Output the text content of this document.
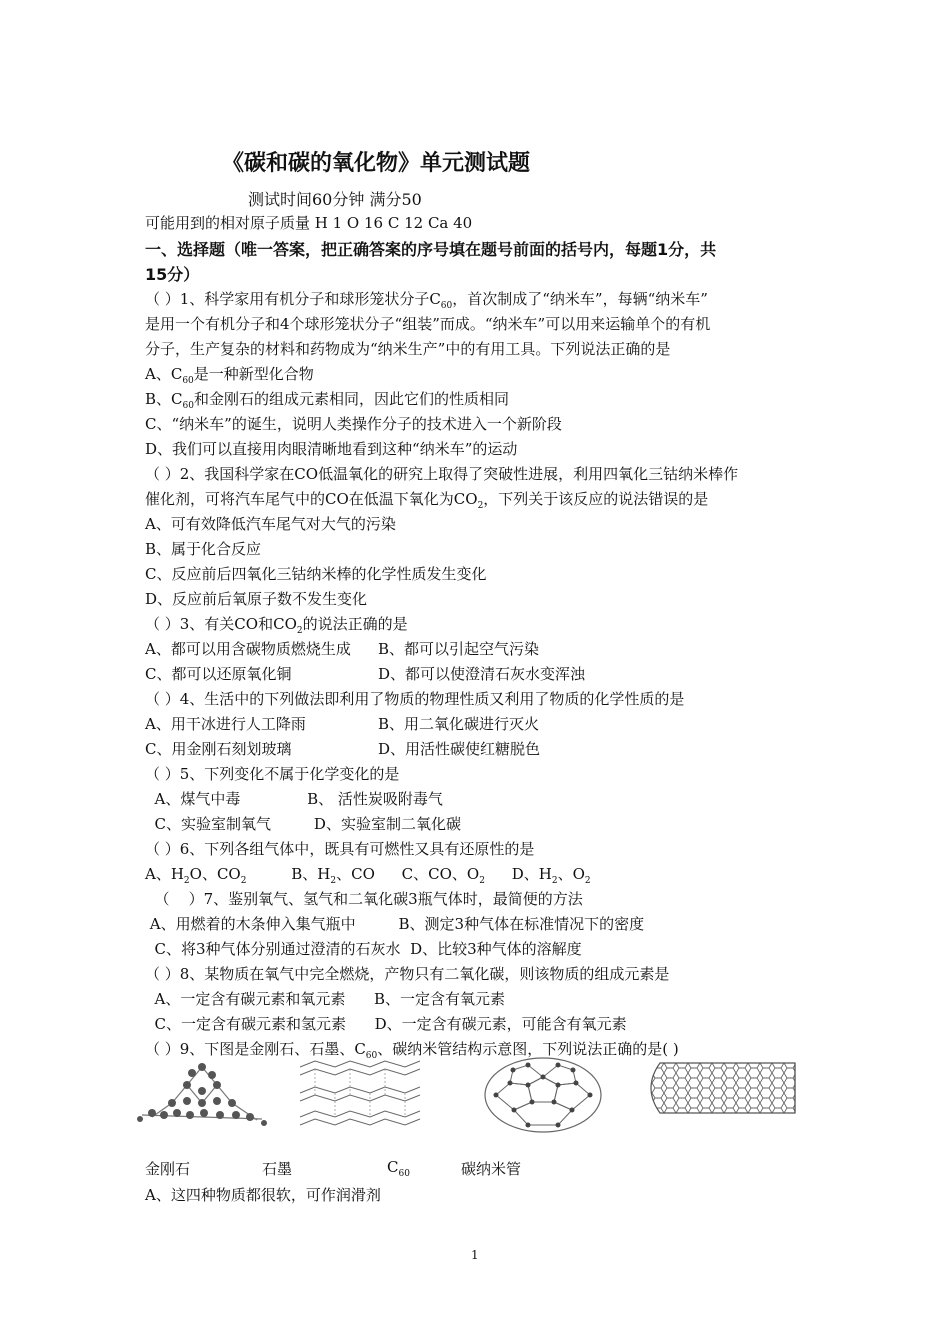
《碳和碳的氧化物》单元测试题
测试时间60分钟 满分50
可能用到的相对原子质量 H 1 O 16 C 12 Ca 40
一、选择题（唯一答案，把正确答案的序号填在题号前面的括号内，每题1分，共
15分）
（ ）1、科学家用有机分子和球形笼状分子$C_{60}$，首次制成了“纳米车”，每辆“纳米车”
是用一个有机分子和4个球形笼状分子“组装”而成。“纳米车”可以用来运输单个的有机
分子，生产复杂的材料和药物成为“纳米生产”中的有用工具。下列说法正确的是
A、$C_{60}$是一种新型化合物
B、$C_{60}$和金刚石的组成元素相同，因此它们的性质相同
C、“纳米车”的诞生，说明人类操作分子的技术进入一个新阶段
D、我们可以直接用肉眼清晰地看到这种“纳米车”的运动
（ ）2、我国科学家在CO低温氧化的研究上取得了突破性进展，利用四氧化三钴纳米棒作
催化剂，可将汽车尾气中的CO在低温下氧化为$CO_2$，下列关于该反应的说法错误的是
A、可有效降低汽车尾气对大气的污染
B、属于化合反应
C、反应前后四氧化三钴纳米棒的化学性质发生变化
D、反应前后氧原子数不发生变化
（ ）3、有关CO和$CO_2$的说法正确的是
A、都可以用含碳物质燃烧生成 B、都可以引起空气污染
C、都可以还原氧化铜	D、都可以使澄清石灰水变浑浊
（ ）4、生活中的下列做法即利用了物质的物理性质又利用了物质的化学性质的是
A、用干冰进行人工降雨	B、用二氧化碳进行灭火
C、用金刚石刻划玻璃	D、用活性碳使红糖脱色
（ ）5、下列变化不属于化学变化的是
A、煤气中毒              B、 活性炭吸附毒气
C、实验室制氧气         D、实验室制二氧化碳
（ ）6、下列各组气体中，既具有可燃性又具有还原性的是
A、$H_2O$、$CO_2$	B、$H_2$、CO C、CO、$O_2$ D、$H_2$、$O_2$
（    ）7、鉴别氧气、氢气和二氧化碳3瓶气体时，最简便的方法
A、用燃着的木条伸入集气瓶中         B、测定3种气体在标准情况下的密度
C、将3种气体分别通过澄清的石灰水  D、比较3种气体的溶解度
（ ）8、某物质在氧气中完全燃烧，产物只有二氧化碳，则该物质的组成元素是
A、一定含有碳元素和氧元素      B、一定含有氧元素
C、一定含有碳元素和氢元素      D、一定含有碳元素，可能含有氧元素
（ ）9、下图是金刚石、石墨、$C_{60}$、碳纳米管结构示意图，下列说法正确的是( )
金刚石	石墨	$C_{60}$	碳纳米管
A、这四种物质都很软，可作润滑剂
1
